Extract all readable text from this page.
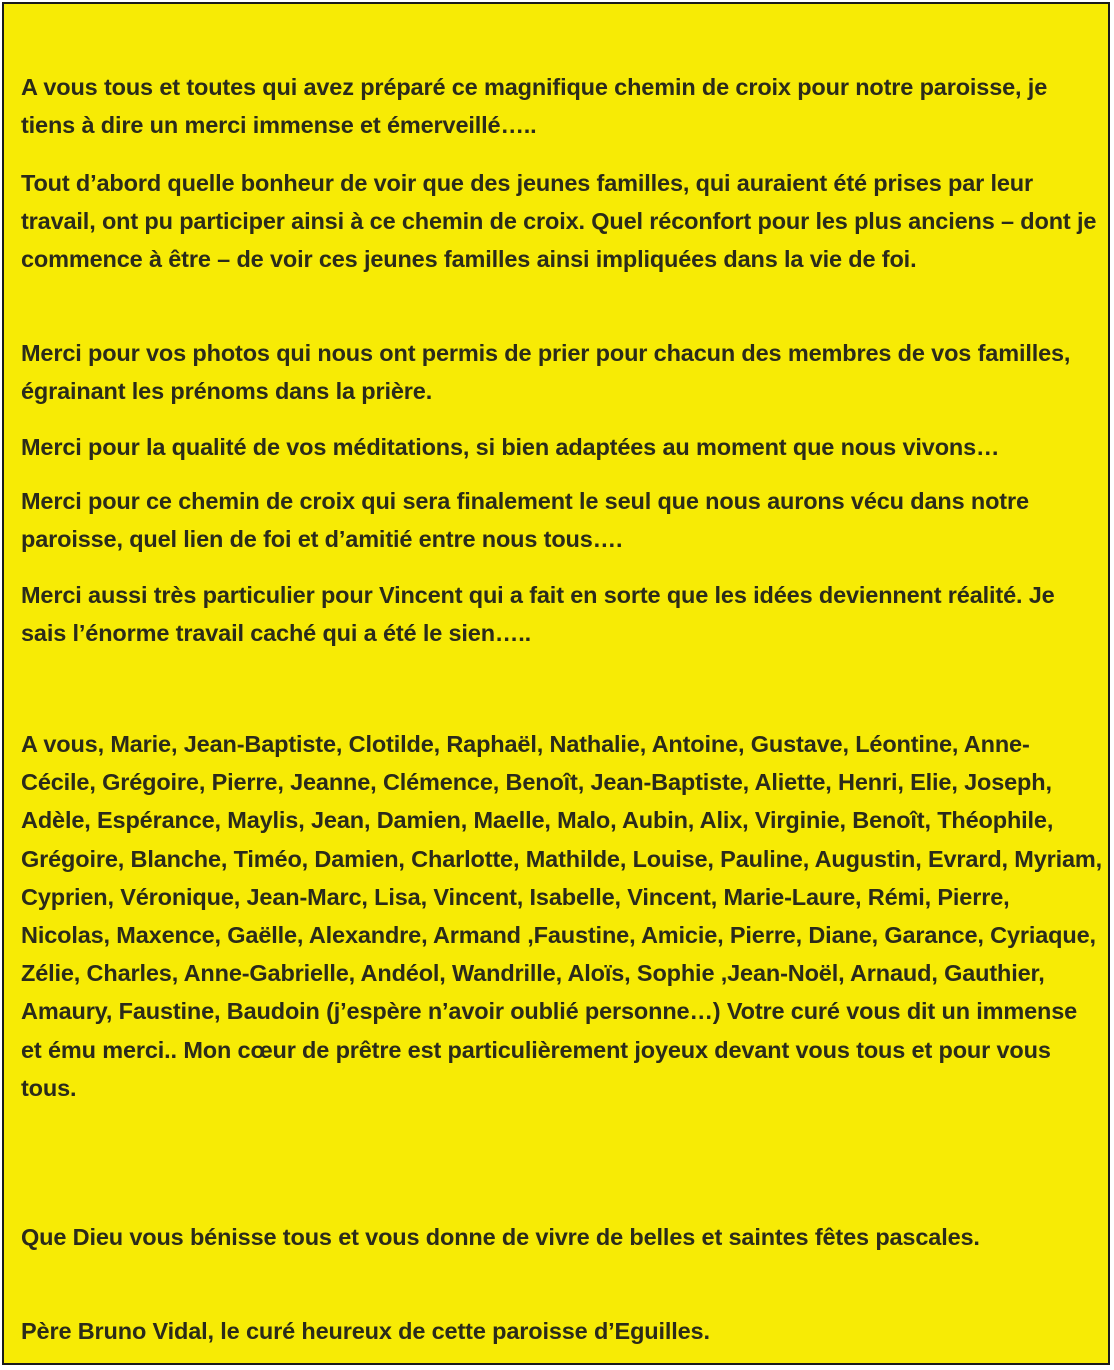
A vous tous et toutes qui avez préparé ce magnifique chemin de croix pour notre paroisse, je tiens à dire un merci immense et émerveillé…..

Tout d’abord quelle bonheur de voir que des jeunes familles, qui auraient été prises par leur travail, ont pu participer ainsi à ce chemin de croix. Quel réconfort pour les plus anciens – dont je commence à être – de voir ces jeunes familles ainsi impliquées dans la vie de foi.

Merci pour vos photos qui nous ont permis de prier pour chacun des membres de vos familles, égrainant les prénoms dans la prière.

Merci pour la qualité de vos méditations, si bien adaptées au moment que nous vivons…

Merci pour ce chemin de croix qui sera finalement le seul que nous aurons vécu dans notre paroisse, quel lien de foi et d’amitié entre nous tous….

Merci aussi très particulier pour Vincent qui a fait en sorte que les idées deviennent réalité. Je sais l’énorme travail caché qui a été le sien…..

A vous, Marie, Jean-Baptiste, Clotilde, Raphaël, Nathalie, Antoine, Gustave, Léontine, Anne-Cécile, Grégoire, Pierre, Jeanne, Clémence, Benoît, Jean-Baptiste, Aliette, Henri, Elie, Joseph, Adèle, Espérance, Maylis, Jean, Damien, Maelle, Malo, Aubin, Alix, Virginie, Benoît, Théophile, Grégoire, Blanche, Timéo, Damien, Charlotte, Mathilde, Louise, Pauline, Augustin, Evrard, Myriam, Cyprien, Véronique, Jean-Marc, Lisa, Vincent, Isabelle, Vincent, Marie-Laure, Rémi, Pierre, Nicolas, Maxence, Gaëlle, Alexandre, Armand ,Faustine, Amicie, Pierre, Diane, Garance, Cyriaque, Zélie, Charles, Anne-Gabrielle, Andéol, Wandrille, Aloïs, Sophie ,Jean-Noël, Arnaud, Gauthier, Amaury, Faustine, Baudoin (j’espère n’avoir oublié personne…) Votre curé vous dit un immense et ému merci.. Mon cœur de prêtre est particulièrement joyeux devant vous tous et pour vous tous.

Que Dieu vous bénisse tous et vous donne de vivre de belles et saintes fêtes pascales.

Père Bruno Vidal, le curé heureux de cette paroisse d’Eguilles.
